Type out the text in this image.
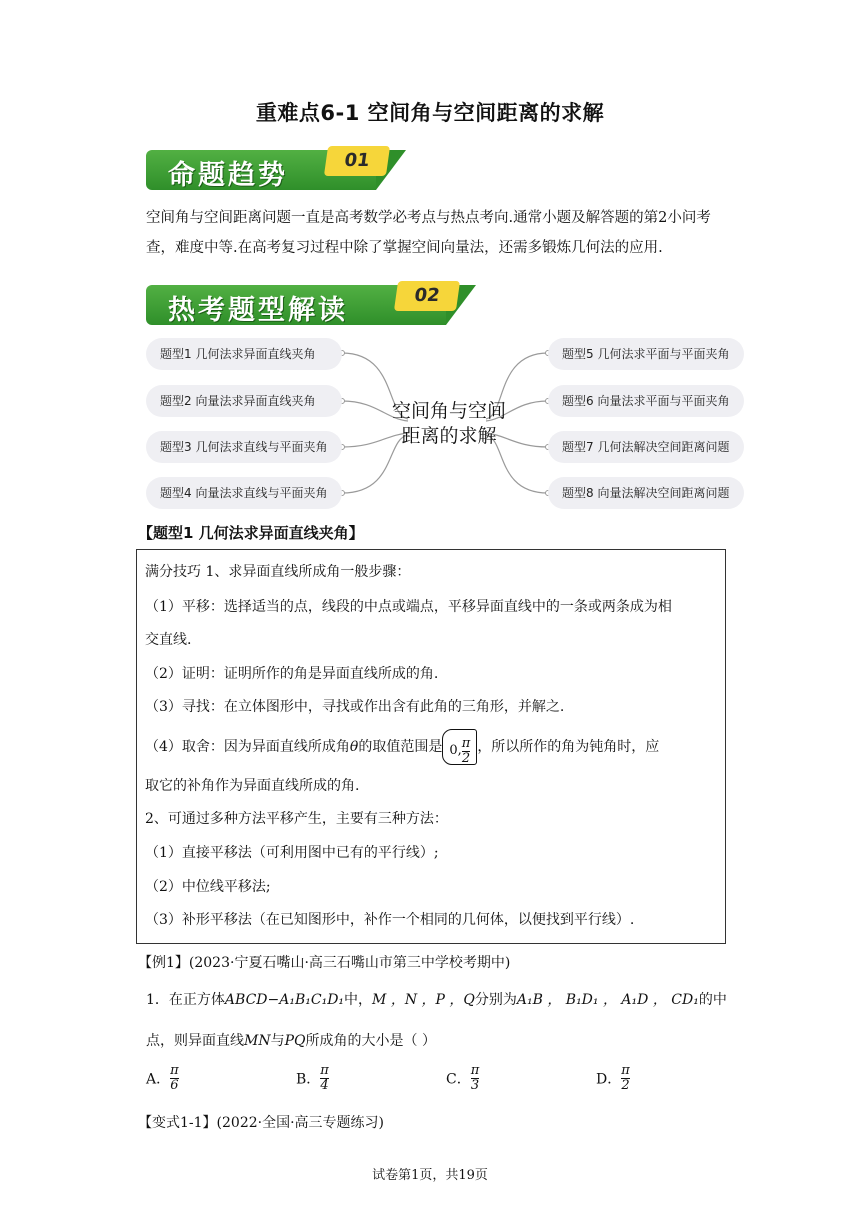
重难点6-1 空间角与空间距离的求解
命题趋势	01
空间角与空间距离问题一直是高考数学必考点与热点考向.通常小题及解答题的第2小问考查，难度中等.在高考复习过程中除了掌握空间向量法，还需多锻炼几何法的应用.
热考题型解读	02
题型1 几何法求异面直线夹角
题型2 向量法求异面直线夹角
题型3 几何法求直线与平面夹角
题型4 向量法求直线与平面夹角
题型5 几何法求平面与平面夹角
题型6 向量法求平面与平面夹角
题型7 几何法解决空间距离问题
题型8 向量法解决空间距离问题
空间角与空间
距离的求解
【题型1 几何法求异面直线夹角】

满分技巧 1、求异面直线所成角一般步骤：

（1）平移：选择适当的点，线段的中点或端点，平移异面直线中的一条或两条成为相

交直线.

（2）证明：证明所作的角是异面直线所成的角.

（3）寻找：在立体图形中，寻找或作出含有此角的三角形，并解之.

（4）取舍：因为异面直线所成角θ的取值范围是 0, $\frac{\pi}{2}$ ，所以所作的角为钝角时，应

取它的补角作为异面直线所成的角.

2、可通过多种方法平移产生，主要有三种方法：

（1）直接平移法（可利用图中已有的平行线）;

（2）中位线平移法;

（3）补形平移法（在已知图形中，补作一个相同的几何体，以便找到平行线）.

【例1】(2023·宁夏石嘴山·高三石嘴山市第三中学校考期中)
1．在正方体ABCD−A₁B₁C₁D₁中，M ，N ，P ，Q分别为A₁B ， B₁D₁ ， A₁D ， CD₁的中
点，则异面直线MN与PQ所成角的大小是（ ）
A． $\frac{\pi}{6}$	B． $\frac{\pi}{4}$	C． $\frac{\pi}{3}$	D． $\frac{\pi}{2}$
【变式1-1】(2022·全国·高三专题练习)
试卷第1页，共19页
